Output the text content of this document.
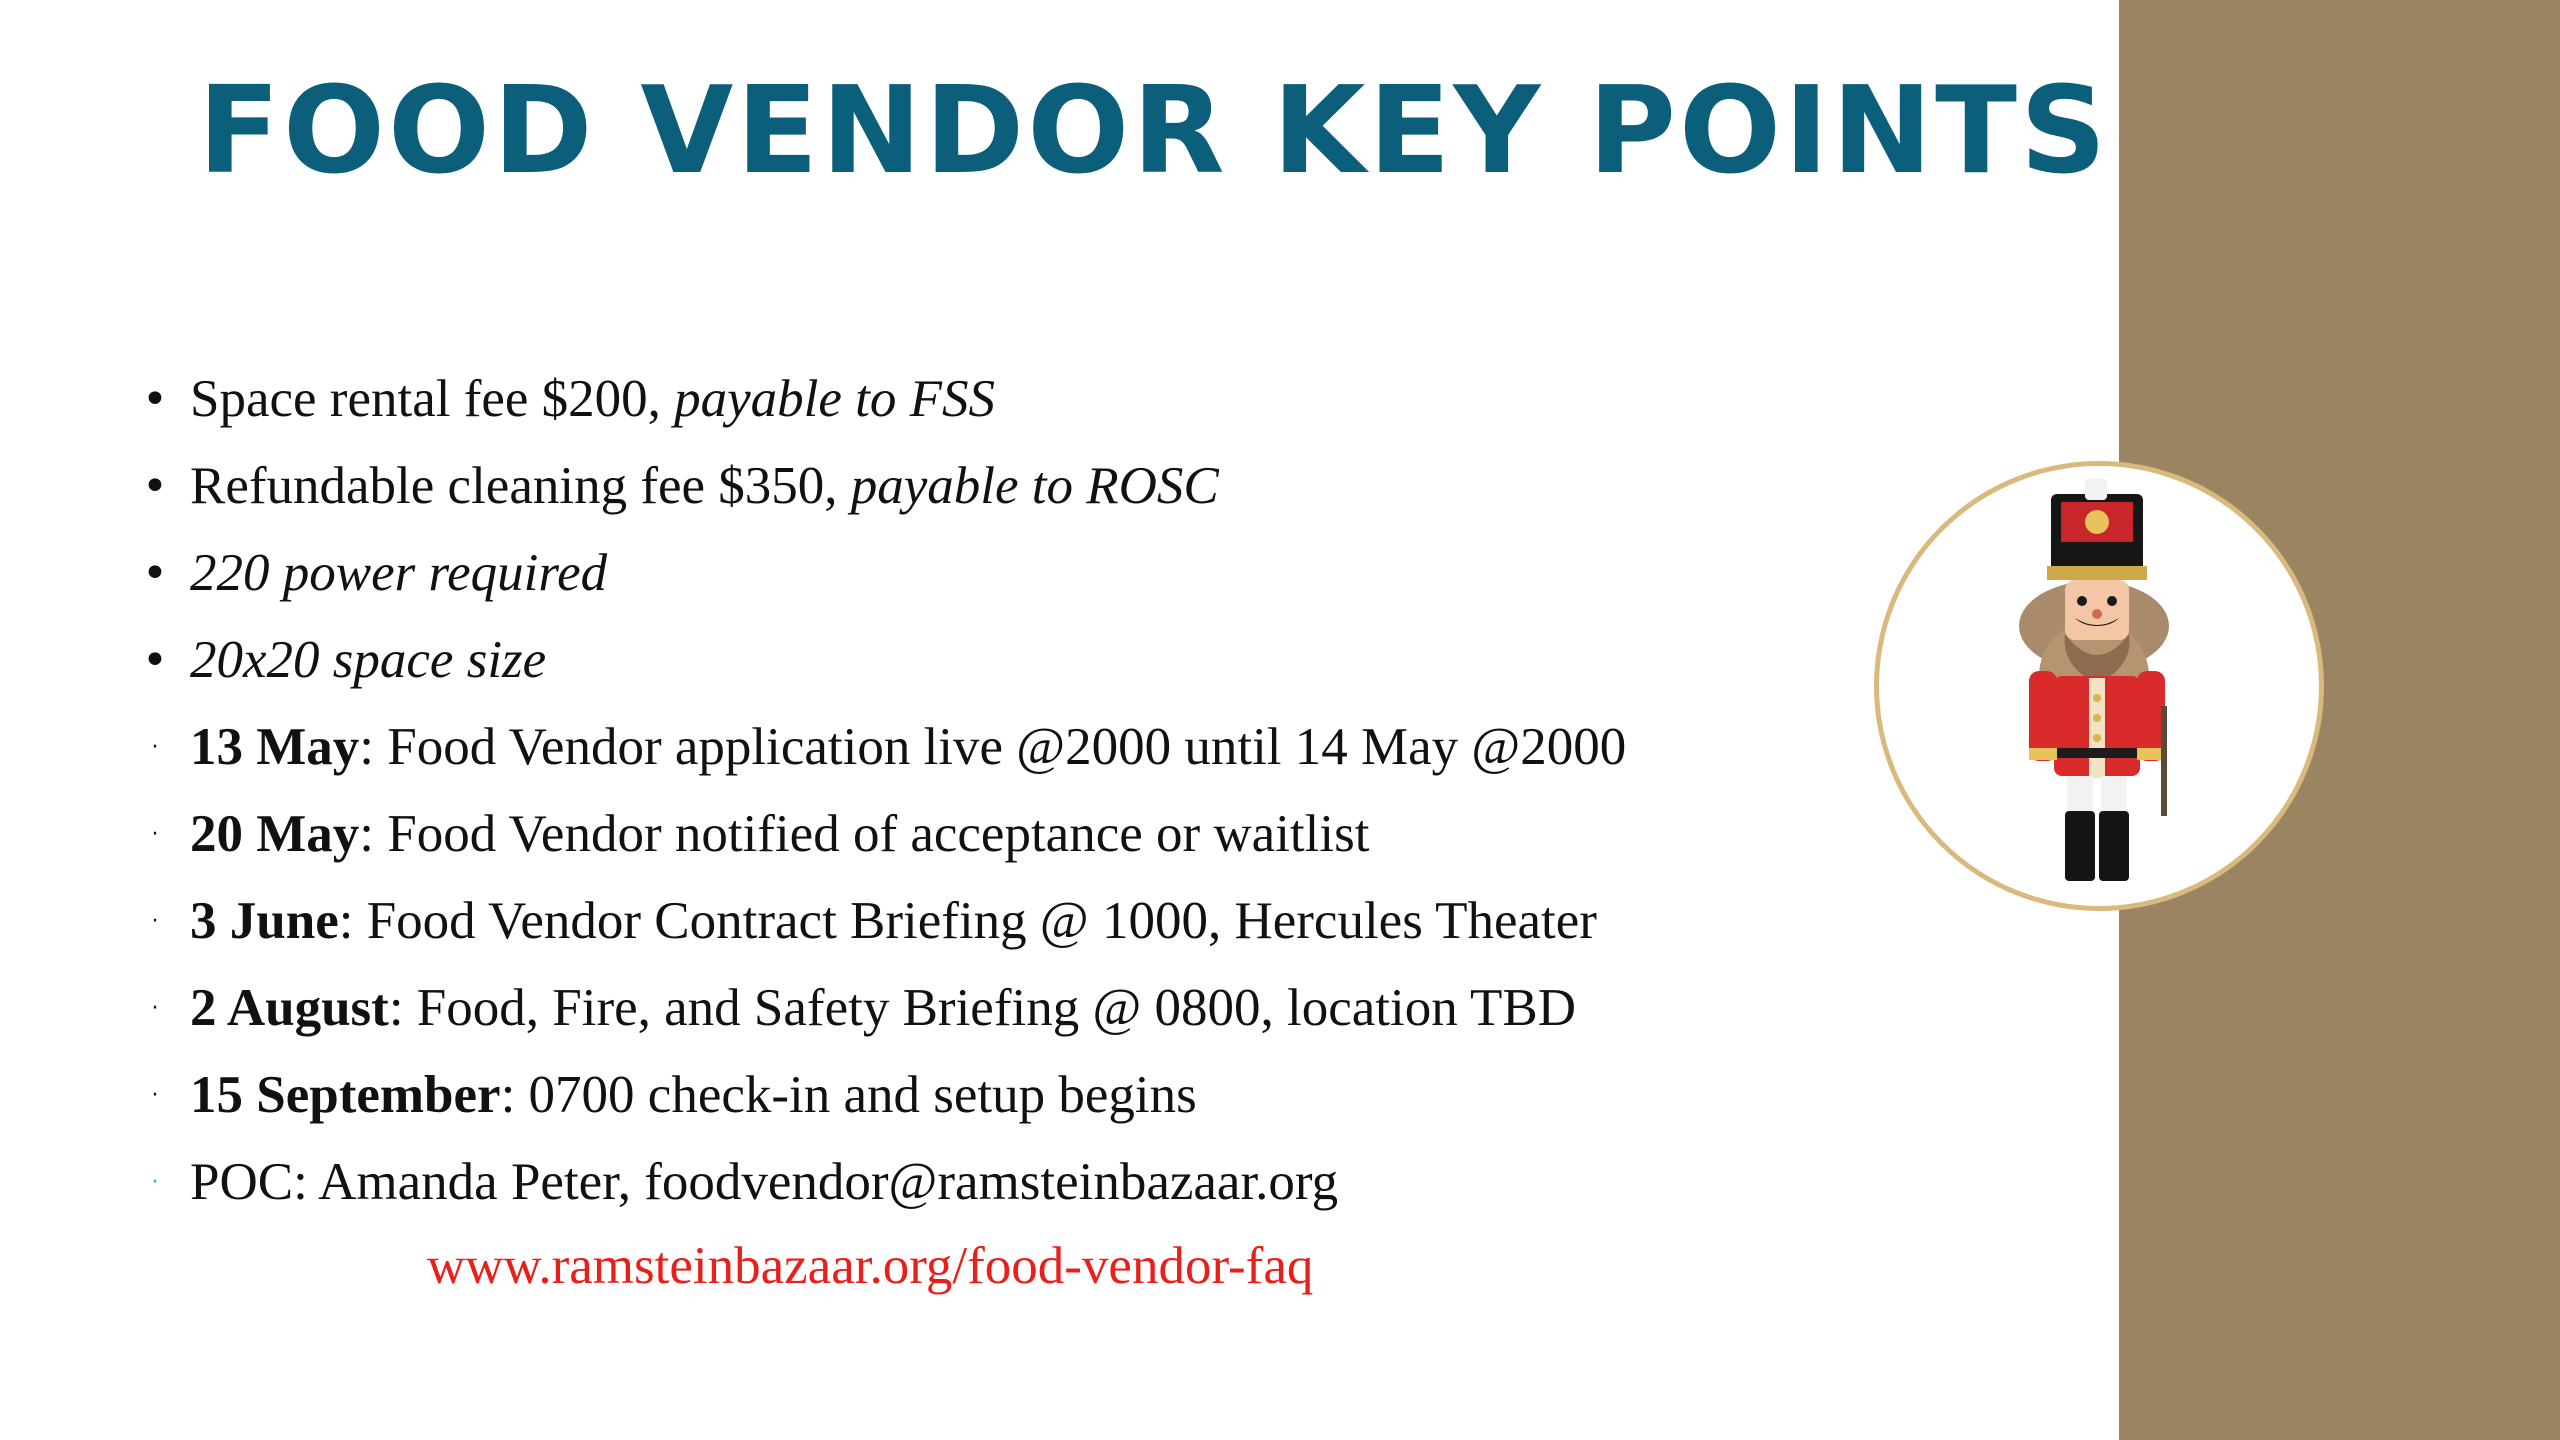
FOOD VENDOR KEY POINTS
• Space rental fee $200, payable to FSS
• Refundable cleaning fee $350, payable to ROSC
• 220 power required
• 20x20 space size
· 13 May: Food Vendor application live @2000 until 14 May @2000
· 20 May: Food Vendor notified of acceptance or waitlist
· 3 June: Food Vendor Contract Briefing @ 1000, Hercules Theater
· 2 August: Food, Fire, and Safety Briefing @ 0800, location TBD
· 15 September: 0700 check-in and setup begins
· POC: Amanda Peter, foodvendor@ramsteinbazaar.org
www.ramsteinbazaar.org/food-vendor-faq
